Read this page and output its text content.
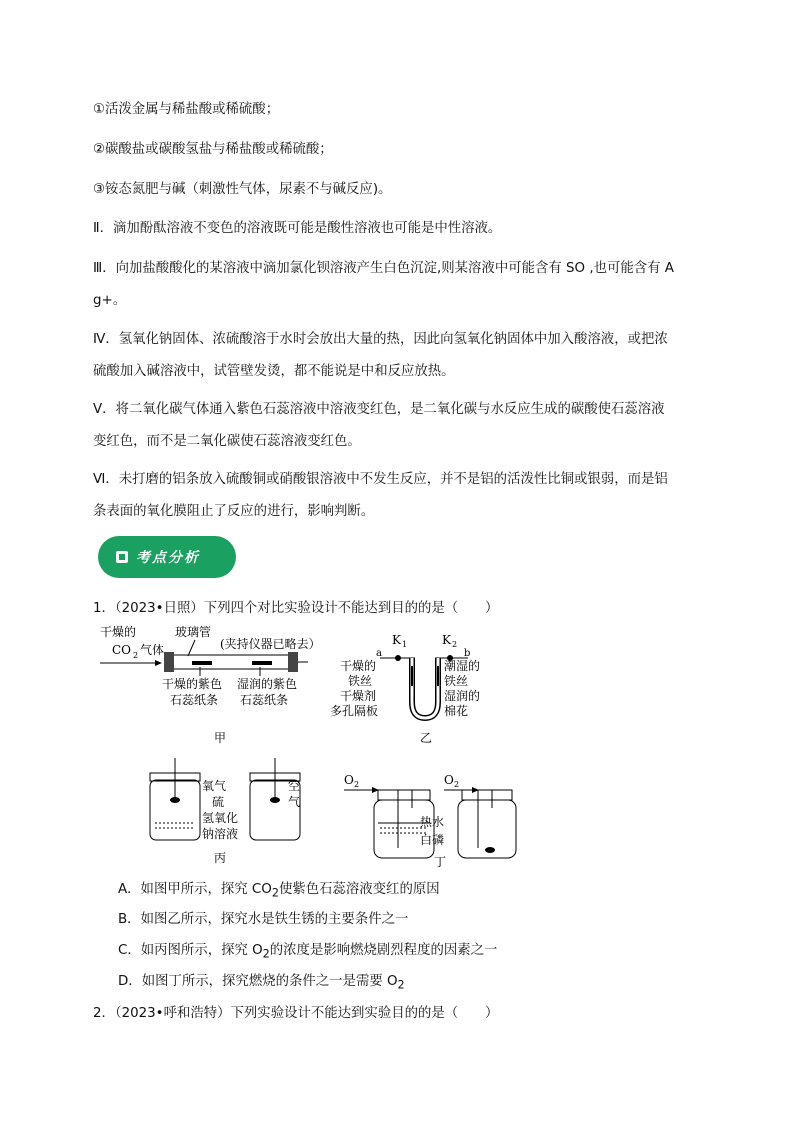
①活泼金属与稀盐酸或稀硫酸；
②碳酸盐或碳酸氢盐与稀盐酸或稀硫酸；
③铵态氮肥与碱（刺激性气体，尿素不与碱反应)。
Ⅱ．滴加酚酞溶液不变色的溶液既可能是酸性溶液也可能是中性溶液。
Ⅲ．向加盐酸酸化的某溶液中滴加氯化钡溶液产生白色沉淀,则某溶液中可能含有 SO ,也可能含有 A
g+。
Ⅳ．氢氧化钠固体、浓硫酸溶于水时会放出大量的热，因此向氢氧化钠固体中加入酸溶液，或把浓
硫酸加入碱溶液中，试管壁发烫，都不能说是中和反应放热。
Ⅴ．将二氧化碳气体通入紫色石蕊溶液中溶液变红色，是二氧化碳与水反应生成的碳酸使石蕊溶液
变红色，而不是二氧化碳使石蕊溶液变红色。
Ⅵ．未打磨的铝条放入硫酸铜或硝酸银溶液中不发生反应，并不是铝的活泼性比铜或银弱，而是铝
条表面的氧化膜阻止了反应的进行，影响判断。
考点分析
1．（2023•日照）下列四个对比实验设计不能达到目的的是（　　）
干燥的
CO 2 气体
玻璃管
(夹持仪器已略去）
干燥的紫色
石蕊纸条
湿润的紫色
石蕊纸条
甲
K 1	K 2
a	b
干燥的
铁丝
干燥剂
多孔隔板
潮湿的
铁丝
湿润的
棉花
乙
氧气
硫
氢氧化
钠溶液
空
气
丙
O 2	O 2
热水
白磷
丁
A．如图甲所示，探究 $CO_2$使紫色石蕊溶液变红的原因
B．如图乙所示，探究水是铁生锈的主要条件之一
C．如丙图所示，探究 $O_2$的浓度是影响燃烧剧烈程度的因素之一
D．如图丁所示，探究燃烧的条件之一是需要 $O_2$
2．（2023•呼和浩特）下列实验设计不能达到实验目的的是（　　）
